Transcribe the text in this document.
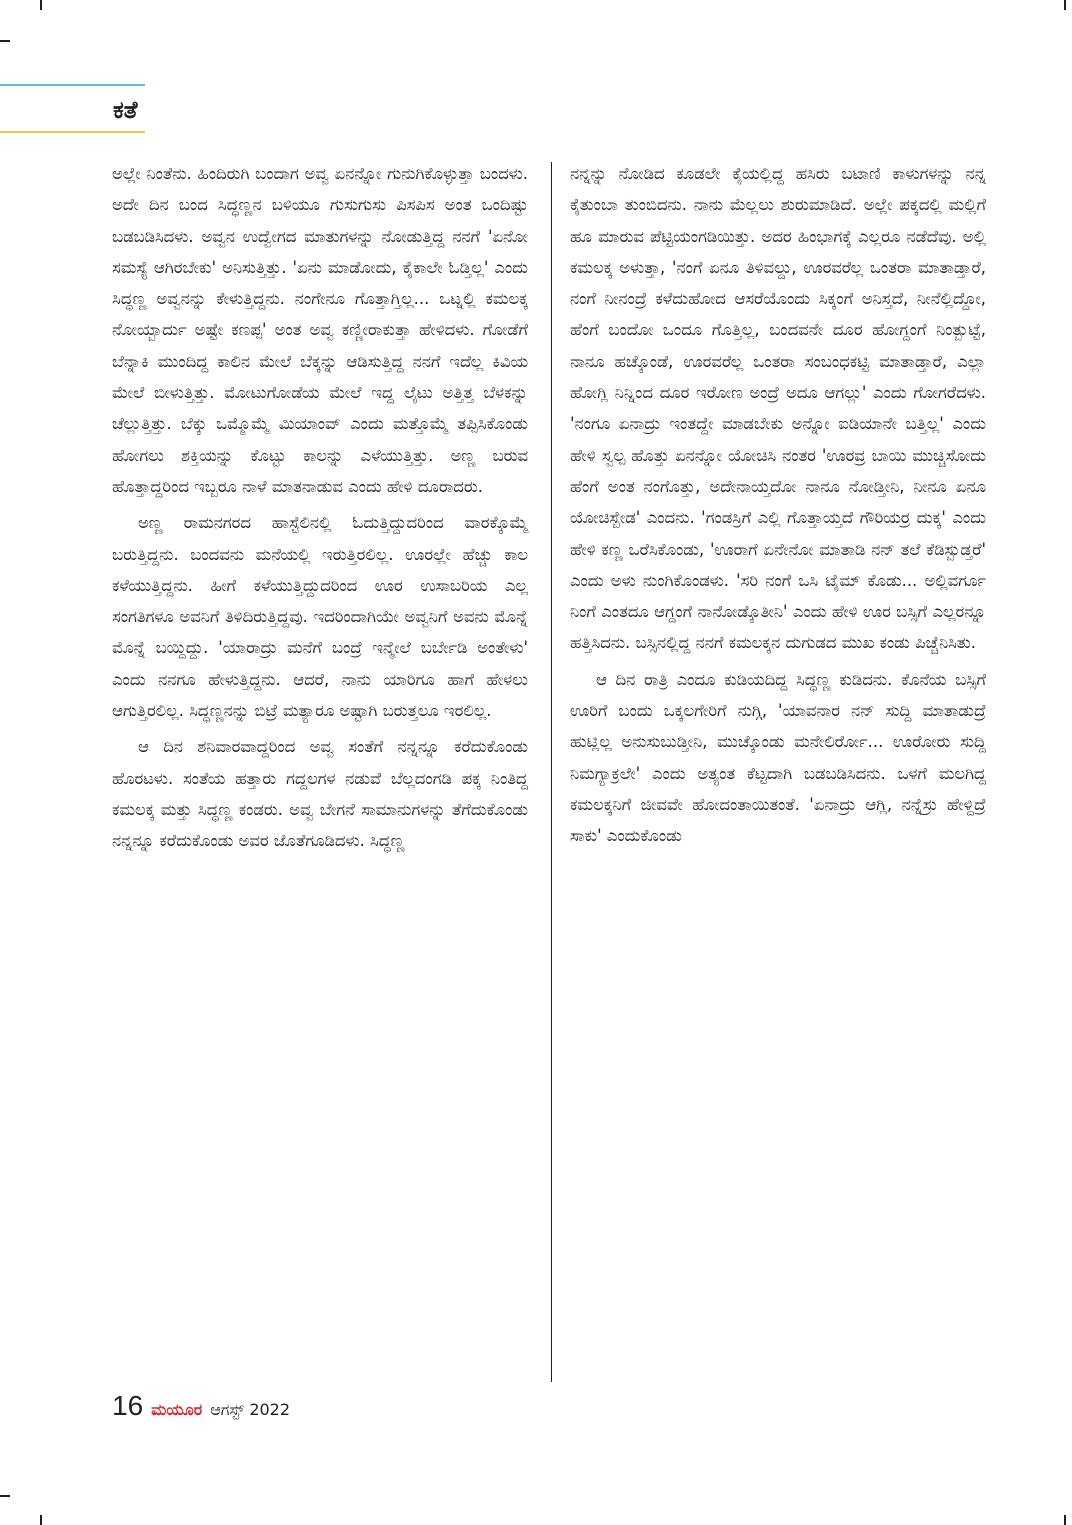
ಕತೆ

ಅಲ್ಲೇ ನಿಂತೆನು. ಹಿಂದಿರುಗಿ ಬಂದಾಗ ಅವ್ವ ಏನನ್ನೋ ಗುನುಗಿಕೊಳ್ಳುತ್ತಾ ಬಂದಳು. ಅದೇ ದಿನ ಬಂದ ಸಿದ್ಧಣ್ಣನ ಬಳಿಯೂ ಗುಸುಗುಸು ಪಿಸಪಿಸ ಅಂತ ಒಂದಿಷ್ಟು ಬಡಬಡಿಸಿದಳು. ಅವ್ವನ ಉದ್ವೇಗದ ಮಾತುಗಳನ್ನು ನೋಡುತ್ತಿದ್ದ ನನಗೆ 'ಏನೋ ಸಮಸ್ಯೆ ಆಗಿರಬೇಕು' ಅನಿಸುತ್ತಿತ್ತು. 'ಏನು ಮಾಡೋದು, ಕೈಕಾಲೇ ಓಡ್ತಿಲ್ಲ' ಎಂದು ಸಿದ್ಧಣ್ಣ ಅವ್ವನನ್ನು ಕೇಳುತ್ತಿದ್ದನು. ನಂಗೇನೂ ಗೊತ್ತಾಗ್ತಿಲ್ಲ... ಒಟ್ನಲ್ಲಿ ಕಮಲಕ್ಕ ನೋಯ್ಬಾರ್ದು ಅಷ್ಟೇ ಕಣಪ್ಪ' ಅಂತ ಅವ್ವ ಕಣ್ಣೀರಾಕುತ್ತಾ ಹೇಳಿದಳು. ಗೋಡೆಗೆ ಬೆನ್ನಾಕಿ ಮುಂದಿದ್ದ ಕಾಲಿನ ಮೇಲೆ ಬೆಕ್ಕನ್ನು ಆಡಿಸುತ್ತಿದ್ದ ನನಗೆ ಇದೆಲ್ಲ ಕಿವಿಯ ಮೇಲೆ ಬೀಳುತ್ತಿತ್ತು. ಮೋಟುಗೋಡೆಯ ಮೇಲೆ ಇದ್ದ ಲೈಟು ಅತ್ತಿತ್ತ ಬೆಳಕನ್ನು ಚೆಲ್ಲುತ್ತಿತ್ತು. ಬೆಕ್ಕು ಒಮ್ಮೊಮ್ಮೆ ಮಿಯಾಂವ್ ಎಂದು ಮತ್ತೊಮ್ಮೆ ತಪ್ಪಿಸಿಕೊಂಡು ಹೋಗಲು ಶಕ್ತಿಯನ್ನು ಕೊಟ್ಟು ಕಾಲನ್ನು ಎಳೆಯುತ್ತಿತ್ತು. ಅಣ್ಣ ಬರುವ ಹೊತ್ತಾದ್ದರಿಂದ ಇಬ್ಬರೂ ನಾಳೆ ಮಾತನಾಡುವ ಎಂದು ಹೇಳಿ ದೂರಾದರು.

ಅಣ್ಣ ರಾಮನಗರದ ಹಾಸ್ಟೆಲಿನಲ್ಲಿ ಓದುತ್ತಿದ್ದುದರಿಂದ ವಾರಕ್ಕೊಮ್ಮೆ ಬರುತ್ತಿದ್ದನು. ಬಂದವನು ಮನೆಯಲ್ಲಿ ಇರುತ್ತಿರಲಿಲ್ಲ. ಊರಲ್ಲೇ ಹೆಚ್ಚು ಕಾಲ ಕಳೆಯುತ್ತಿದ್ದನು. ಹೀಗೆ ಕಳೆಯುತ್ತಿದ್ದುದರಿಂದ ಊರ ಉಸಾಬರಿಯ ಎಲ್ಲ ಸಂಗತಿಗಳೂ ಅವನಿಗೆ ತಿಳಿದಿರುತ್ತಿದ್ದವು. ಇದರಿಂದಾಗಿಯೇ ಅವ್ವನಿಗೆ ಅವನು ಮೊನ್ನೆ ಮೊನ್ನೆ ಬಯ್ದಿದ್ದು. 'ಯಾರಾದ್ರು ಮನೆಗೆ ಬಂದ್ರೆ ಇನ್ಮೇಲೆ ಬರ್ಬೇಡಿ ಅಂತೇಳು' ಎಂದು ನನಗೂ ಹೇಳುತ್ತಿದ್ದನು. ಆದರೆ, ನಾನು ಯಾರಿಗೂ ಹಾಗೆ ಹೇಳಲು ಆಗುತ್ತಿರಲಿಲ್ಲ. ಸಿದ್ಧಣ್ಣನನ್ನು ಬಿಟ್ರೆ ಮತ್ಯಾರೂ ಅಷ್ಟಾಗಿ ಬರುತ್ತಲೂ ಇರಲಿಲ್ಲ.

ಆ ದಿನ ಶನಿವಾರವಾದ್ದರಿಂದ ಅವ್ವ ಸಂತೆಗೆ ನನ್ನನ್ನೂ ಕರೆದುಕೊಂಡು ಹೊರಟಳು. ಸಂತೆಯ ಹತ್ತಾರು ಗದ್ದಲಗಳ ನಡುವೆ ಬೆಲ್ಲದಂಗಡಿ ಪಕ್ಕ ನಿಂತಿದ್ದ ಕಮಲಕ್ಕ ಮತ್ತು ಸಿದ್ಧಣ್ಣ ಕಂಡರು. ಅವ್ವ ಬೇಗನೆ ಸಾಮಾನುಗಳನ್ನು ತೆಗೆದುಕೊಂಡು ನನ್ನನ್ನೂ ಕರೆದುಕೊಂಡು ಅವರ ಜೊತೆಗೂಡಿದಳು. ಸಿದ್ಧಣ್ಣ

ನನ್ನನ್ನು ನೋಡಿದ ಕೂಡಲೇ ಕೈಯಲ್ಲಿದ್ದ ಹಸಿರು ಬಟಾಣಿ ಕಾಳುಗಳನ್ನು ನನ್ನ ಕೈತುಂಬಾ ತುಂಬಿದನು. ನಾನು ಮೆಲ್ಲಲು ಶುರುಮಾಡಿದೆ. ಅಲ್ಲೇ ಪಕ್ಕದಲ್ಲಿ ಮಲ್ಲಿಗೆ ಹೂ ಮಾರುವ ಪೆಟ್ಟಿಯಂಗಡಿಯಿತ್ತು. ಅದರ ಹಿಂಭಾಗಕ್ಕೆ ಎಲ್ಲರೂ ನಡೆದೆವು. ಅಲ್ಲಿ ಕಮಲಕ್ಕ ಅಳುತ್ತಾ, 'ನಂಗೆ ಏನೂ ತಿಳಿವಲ್ದು, ಊರವರೆಲ್ಲ ಒಂತರಾ ಮಾತಾಡ್ತಾರೆ, ನಂಗೆ ನೀನಂದ್ರೆ ಕಳೆದುಹೋದ ಆಸರೆಯೊಂದು ಸಿಕ್ಕಂಗೆ ಅನಿಸ್ತದೆ, ನೀನೆಲ್ಲಿದ್ದೋ, ಹೆಂಗೆ ಬಂದೋ ಒಂದೂ ಗೊತ್ತಿಲ್ಲ, ಬಂದವನೇ ದೂರ ಹೋಗ್ದಂಗೆ ನಿಂತ್ಬುಟ್ಟೆ, ನಾನೂ ಹಚ್ಕೊಂಡೆ, ಊರವರೆಲ್ಲ ಒಂತರಾ ಸಂಬಂಧಕಟ್ಟಿ ಮಾತಾಡ್ತಾರೆ, ಎಲ್ಲಾ ಹೋಗ್ಲಿ ನಿನ್ನಿಂದ ದೂರ ಇರೋಣ ಅಂದ್ರೆ ಅದೂ ಆಗಲ್ಲು' ಎಂದು ಗೋಗರೆದಳು. 'ನಂಗೂ ಏನಾದ್ರು ಇಂತದ್ದೇ ಮಾಡಬೇಕು ಅನ್ನೋ ಐಡಿಯಾನೇ ಬತ್ತಿಲ್ಲ' ಎಂದು ಹೇಳಿ ಸ್ವಲ್ಪ ಹೊತ್ತು ಏನನ್ನೋ ಯೋಚಿಸಿ ನಂತರ 'ಊರವ್ರ ಬಾಯಿ ಮುಚ್ಚಿಸೋದು ಹೆಂಗೆ ಅಂತ ನಂಗೊತ್ತು, ಅದೇನಾಯ್ತದೋ ನಾನೂ ನೋಡ್ತೀನಿ, ನೀನೂ ಏನೂ ಯೋಚಿಸ್ಬೇಡ' ಎಂದನು. 'ಗಂಡಸ್ರಿಗೆ ಎಲ್ಲಿ ಗೊತ್ತಾಯ್ತದೆ ಗೌರಿಯರ್ರ ದುಕ್ಕ' ಎಂದು ಹೇಳಿ ಕಣ್ಣ ಒರೆಸಿಕೊಂಡು, 'ಊರಾಗೆ ಏನೇನೋ ಮಾತಾಡಿ ನನ್ ತಲೆ ಕೆಡಿಸ್ಬುಡ್ತರೆ' ಎಂದು ಅಳು ನುಂಗಿಕೊಂಡಳು. 'ಸರಿ ನಂಗೆ ಒಸಿ ಟೈಮ್ ಕೊಡು... ಅಲ್ಲಿವರ್ಗೂ ನಿಂಗೆ ಎಂತದೂ ಆಗ್ದಂಗೆ ನಾನೋಡ್ಕೊತೀನಿ' ಎಂದು ಹೇಳಿ ಊರ ಬಸ್ಸಿಗೆ ಎಲ್ಲರನ್ನೂ ಹತ್ತಿಸಿದನು. ಬಸ್ಸಿನಲ್ಲಿದ್ದ ನನಗೆ ಕಮಲಕ್ಕನ ದುಗುಡದ ಮುಖ ಕಂಡು ಪಿಚ್ಚೆನಿಸಿತು.

ಆ ದಿನ ರಾತ್ರಿ ಎಂದೂ ಕುಡಿಯದಿದ್ದ ಸಿದ್ಧಣ್ಣ ಕುಡಿದನು. ಕೊನೆಯ ಬಸ್ಸಿಗೆ ಊರಿಗೆ ಬಂದು ಒಕ್ಕಲಗೇರಿಗೆ ನುಗ್ಗಿ, 'ಯಾವನಾರ ನನ್ ಸುದ್ದಿ ಮಾತಾಡುದ್ರೆ ಹುಟ್ಲಿಲ್ಲ ಅನುಸುಬುಡ್ತೀನಿ, ಮುಚ್ಕೊಂಡು ಮನೇಲಿರ್ರೋ... ಊರೋರು ಸುದ್ದಿ ನಿಮಗ್ಯಾಕ್ರಲೇ' ಎಂದು ಅತ್ಯಂತ ಕೆಟ್ಟದಾಗಿ ಬಡಬಡಿಸಿದನು. ಒಳಗೆ ಮಲಗಿದ್ದ ಕಮಲಕ್ಕನಿಗೆ ಜೀವವೇ ಹೋದಂತಾಯಿತಂತೆ. 'ಏನಾದ್ರು ಆಗ್ಲಿ, ನನ್ನೆಸ್ರು ಹೇಳ್ದಿದ್ರೆ ಸಾಕು' ಎಂದುಕೊಂಡು

16 ಮಯೂರ ಆಗಸ್ಟ್ 2022
